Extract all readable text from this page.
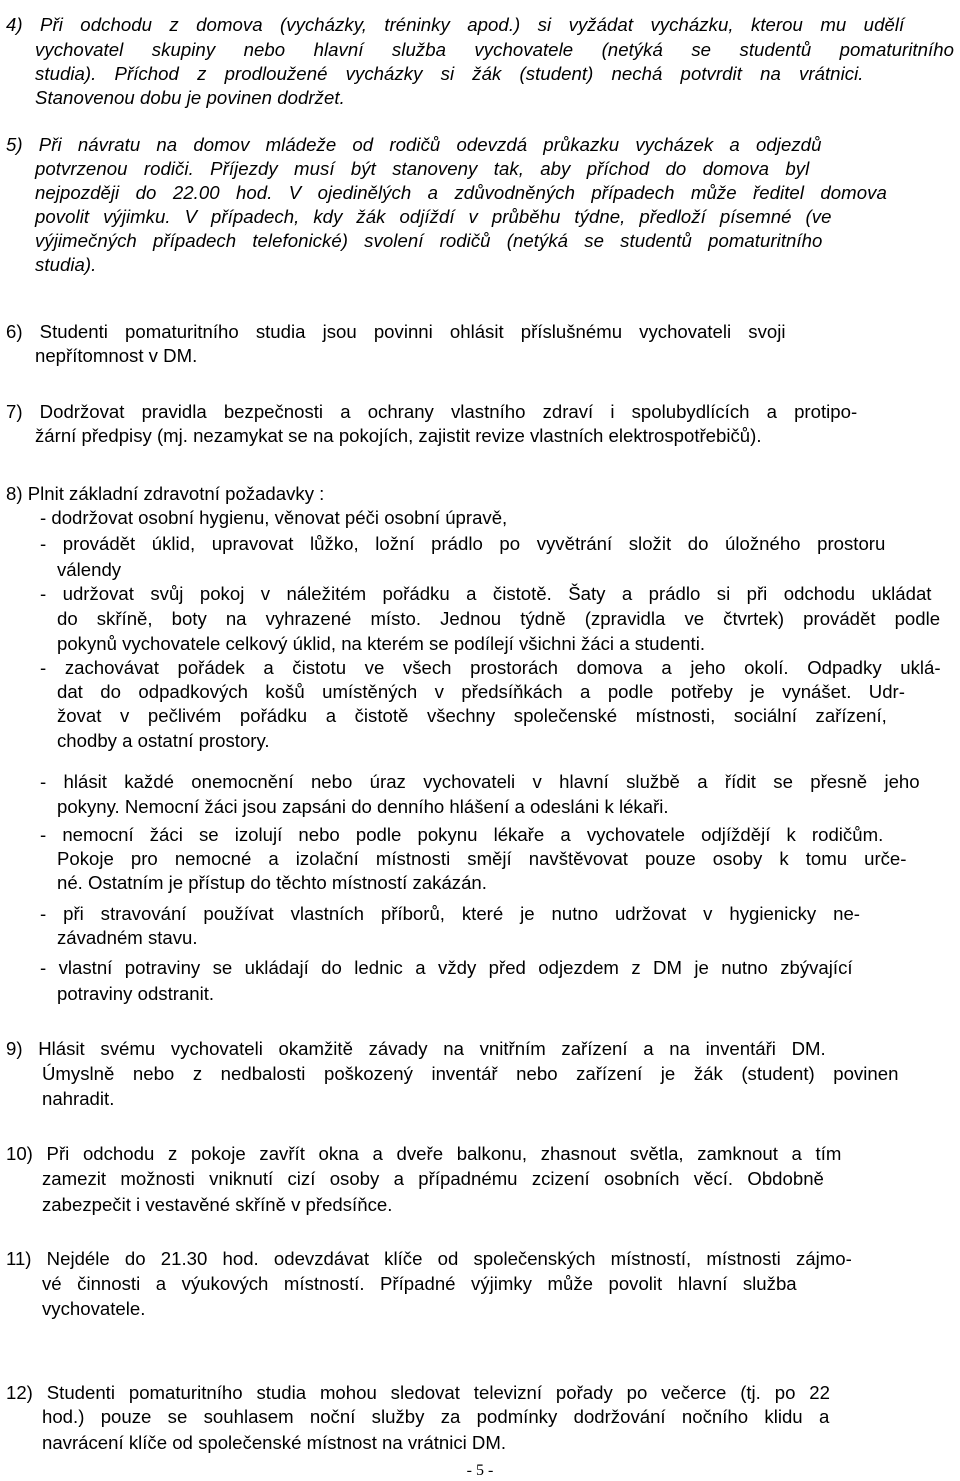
4) Při odchodu z domova (vycházky, tréninky apod.) si vyžádat vycházku, kterou mu udělí
vychovatel skupiny nebo hlavní služba vychovatele (netýká se studentů pomaturitního
studia). Příchod z prodloužené vycházky si žák (student) nechá potvrdit na vrátnici.
Stanovenou dobu je povinen dodržet.
5) Při návratu na domov mládeže od rodičů odevzdá průkazku vycházek a odjezdů
potvrzenou rodiči. Příjezdy musí být stanoveny tak, aby příchod do domova byl
nejpozději do 22.00 hod. V ojedinělých a zdůvodněných případech může ředitel domova
povolit výjimku. V případech, kdy žák odjíždí v průběhu týdne, předloží písemné (ve
výjimečných případech telefonické) svolení rodičů (netýká se studentů pomaturitního
studia).
6) Studenti pomaturitního studia jsou povinni ohlásit příslušnému vychovateli svoji
nepřítomnost v DM.
7) Dodržovat pravidla bezpečnosti a ochrany vlastního zdraví i spolubydlících a protipo-
žární předpisy (mj. nezamykat se na pokojích, zajistit revize vlastních elektrospotřebičů).
8) Plnit základní zdravotní požadavky :
- dodržovat osobní hygienu, věnovat péči osobní úpravě,
- provádět úklid, upravovat lůžko, ložní prádlo po vyvětrání složit do úložného prostoru
válendy
- udržovat svůj pokoj v náležitém pořádku a čistotě. Šaty a prádlo si při odchodu ukládat
do skříně, boty na vyhrazené místo. Jednou týdně (zpravidla ve čtvrtek) provádět podle
pokynů vychovatele celkový úklid, na kterém se podílejí všichni žáci a studenti.
- zachovávat pořádek a čistotu ve všech prostorách domova a jeho okolí. Odpadky uklá-
dat do odpadkových košů umístěných v předsíňkách a podle potřeby je vynášet. Udr-
žovat v pečlivém pořádku a čistotě všechny společenské místnosti, sociální zařízení,
chodby a ostatní prostory.
- hlásit každé onemocnění nebo úraz vychovateli v hlavní službě a řídit se přesně jeho
pokyny. Nemocní žáci jsou zapsáni do denního hlášení a odesláni k lékaři.
- nemocní žáci se izolují nebo podle pokynu lékaře a vychovatele odjíždějí k rodičům.
Pokoje pro nemocné a izolační místnosti smějí navštěvovat pouze osoby k tomu urče-
né. Ostatním je přístup do těchto místností zakázán.
- při stravování používat vlastních příborů, které je nutno udržovat v hygienicky ne-
závadném stavu.
- vlastní potraviny se ukládají do lednic a vždy před odjezdem z DM je nutno zbývající
potraviny odstranit.
9) Hlásit svému vychovateli okamžitě závady na vnitřním zařízení a na inventáři DM.
Úmyslně nebo z nedbalosti poškozený inventář nebo zařízení je žák (student) povinen
nahradit.
10) Při odchodu z pokoje zavřít okna a dveře balkonu, zhasnout světla, zamknout a tím
zamezit možnosti vniknutí cizí osoby a případnému zcizení osobních věcí. Obdobně
zabezpečit i vestavěné skříně v předsíňce.
11) Nejdéle do 21.30 hod. odevzdávat klíče od společenských místností, místnosti zájmo-
vé činnosti a výukových místností. Případné výjimky může povolit hlavní služba
vychovatele.
12) Studenti pomaturitního studia mohou sledovat televizní pořady po večerce (tj. po 22
hod.) pouze se souhlasem noční služby za podmínky dodržování nočního klidu a
navrácení klíče od společenské místnost na vrátnici DM.
- 5 -
